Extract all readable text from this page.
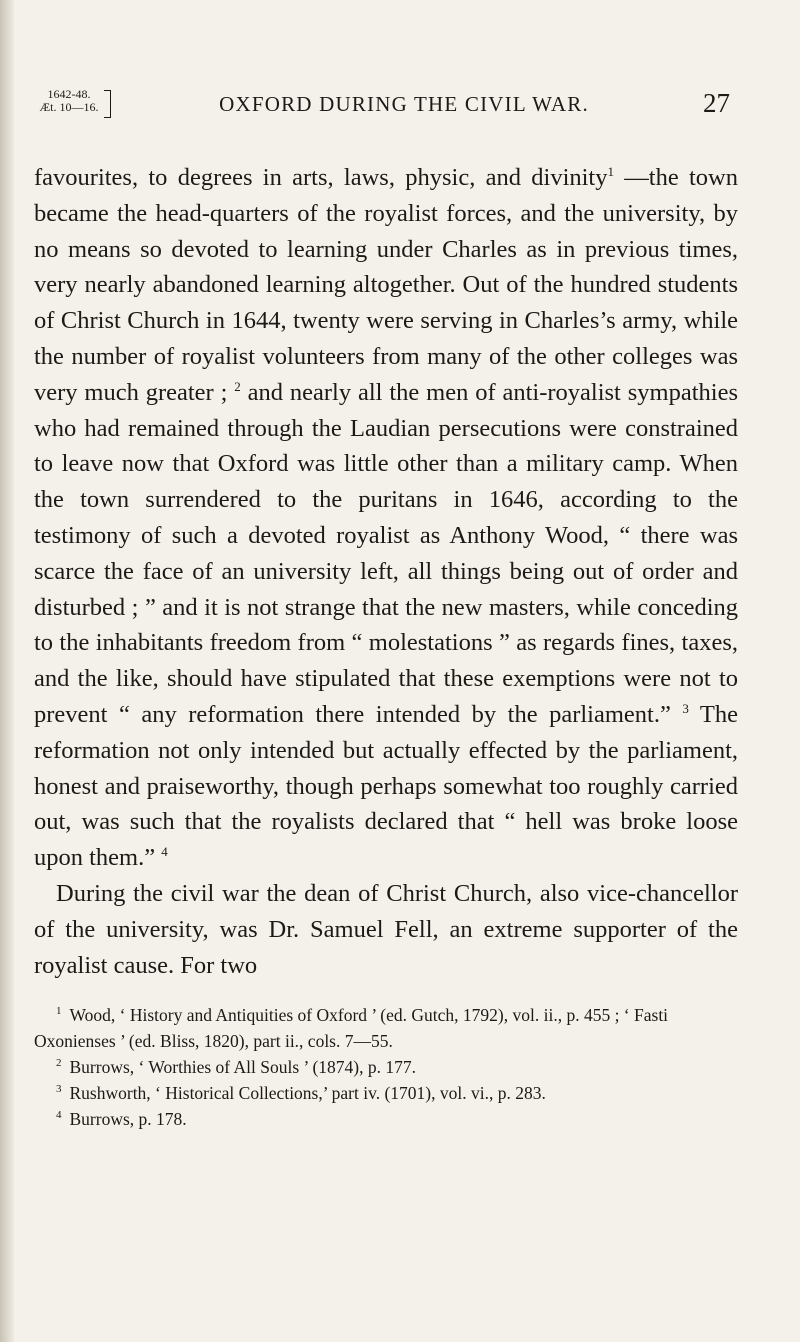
1642-48.
Æt. 10—16.	OXFORD DURING THE CIVIL WAR.	27

favourites, to degrees in arts, laws, physic, and divinity$^1$ —the town became the head-quarters of the royalist forces, and the university, by no means so devoted to learning under Charles as in previous times, very nearly abandoned learning altogether. Out of the hundred students of Christ Church in 1644, twenty were serving in Charles’s army, while the number of royalist volunteers from many of the other colleges was very much greater ; $^2$ and nearly all the men of anti-royalist sympathies who had remained through the Laudian persecutions were constrained to leave now that Oxford was little other than a military camp. When the town surrendered to the puritans in 1646, according to the testimony of such a devoted royalist as Anthony Wood, “ there was scarce the face of an university left, all things being out of order and disturbed ; ” and it is not strange that the new masters, while conceding to the inhabitants freedom from “ molestations ” as regards fines, taxes, and the like, should have stipulated that these exemptions were not to prevent “ any reformation there intended by the parliament.” $^3$ The reformation not only intended but actually effected by the parliament, honest and praiseworthy, though perhaps somewhat too roughly carried out, was such that the royalists declared that “ hell was broke loose upon them.” $^4$

During the civil war the dean of Christ Church, also vice-chancellor of the university, was Dr. Samuel Fell, an extreme supporter of the royalist cause. For two

$^1$ Wood, ‘ History and Antiquities of Oxford ’ (ed. Gutch, 1792), vol. ii., p. 455 ; ‘ Fasti Oxonienses ’ (ed. Bliss, 1820), part ii., cols. 7—55.

$^2$ Burrows, ‘ Worthies of All Souls ’ (1874), p. 177.

$^3$ Rushworth, ‘ Historical Collections,’ part iv. (1701), vol. vi., p. 283.

$^4$ Burrows, p. 178.
